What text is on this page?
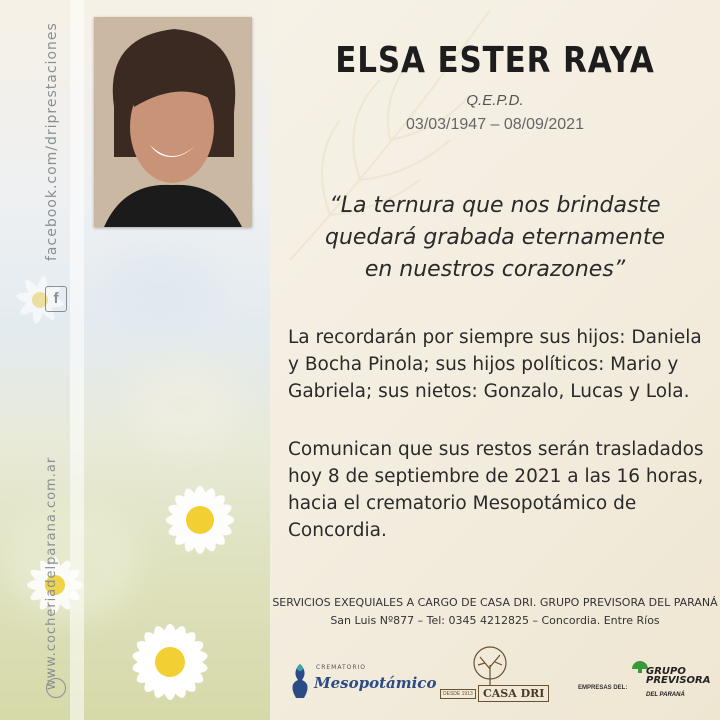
facebook.com/driprestaciones
f
www.cocheriadelparana.com.ar
ELSA ESTER RAYA
Q.E.P.D.
03/03/1947 – 08/09/2021
“La ternura que nos brindaste
quedará grabada eternamente
en nuestros corazones”
La recordarán por siempre sus hijos: Daniela y Bocha Pinola; sus hijos políticos: Mario y Gabriela; sus nietos: Gonzalo, Lucas y Lola.
Comunican que sus restos serán trasladados hoy 8 de septiembre de 2021 a las 16 horas, hacia el crematorio Mesopotámico de Concordia.
SERVICIOS EXEQUIALES A CARGO DE CASA DRI. GRUPO PREVISORA DEL PARANÁ
San Luis Nº877 – Tel: 0345 4212825 – Concordia. Entre Ríos
CREMATORIO
Mesopotámico
DESDE 1913 CASA DRI	EMPRESAS DEL:
GRUPO
PREVISORA
DEL PARANÁ
